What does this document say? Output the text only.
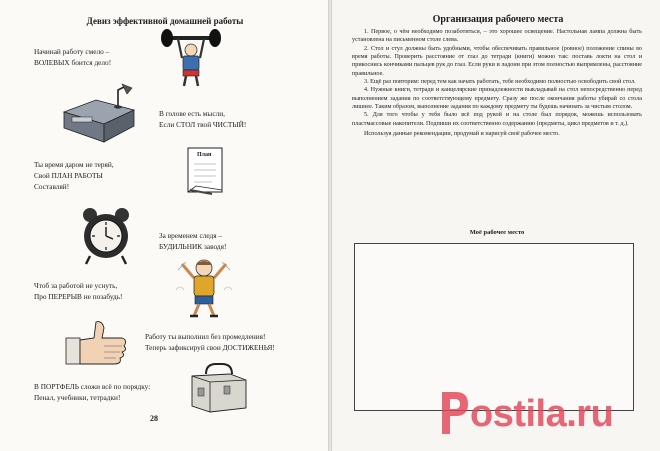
Девиз эффективной домашней работы
Начинай работу смело –
ВОЛЕВЫХ боится дело!
В голове есть мысли,
Если СТОЛ твой ЧИСТЫЙ!
План
Ты время даром не теряй,
Свой ПЛАН РАБОТЫ
Составляй!
За временем следя –
БУДИЛЬНИК заводя!
Чтоб за работой не уснуть,
Про ПЕРЕРЫВ не позабудь!
Работу ты выполнил без промедления!
Теперь зафиксируй свои ДОСТИЖЕНЬЯ!
В ПОРТФЕЛЬ сложи всё по порядку:
Пенал, учебники, тетрадки!
28
Организация рабочего места

1. Первое, о чём необходимо позаботиться, – это хорошее освещение. Настольная лампа должна быть установлена на письменном столе слева.

2. Стол и стул должны быть удобными, чтобы обеспечивать правильное (ровное) положение спины во время работы. Проверить расстояние от глаз до тетради (книги) можно так: поставь локти на стол и прикоснись кончиками пальцев рук до глаз. Если руки и ладони при этом полностью выпрямлены, расстояние правильное.

3. Ещё раз повторим: перед тем как начать работать, тебе необходимо полностью освободить свой стол.

4. Нужные книги, тетради и канцелярские принадлежности выкладывай на стол непосредственно перед выполнением задания по соответствующему предмету. Сразу же после окончания работы убирай со стола лишнее. Таким образом, выполнение задания по каждому предмету ты будешь начинать за чистым столом.

5. Для того чтобы у тебя было всё под рукой и на столе был порядок, можешь использовать пластмассовые накопители. Подпиши их соответственно содержанию (предметы, цикл предметов и т. д.).

Используя данные рекомендации, продумай и нарисуй своё рабочее место.

Моё рабочее место
ostila.ru
